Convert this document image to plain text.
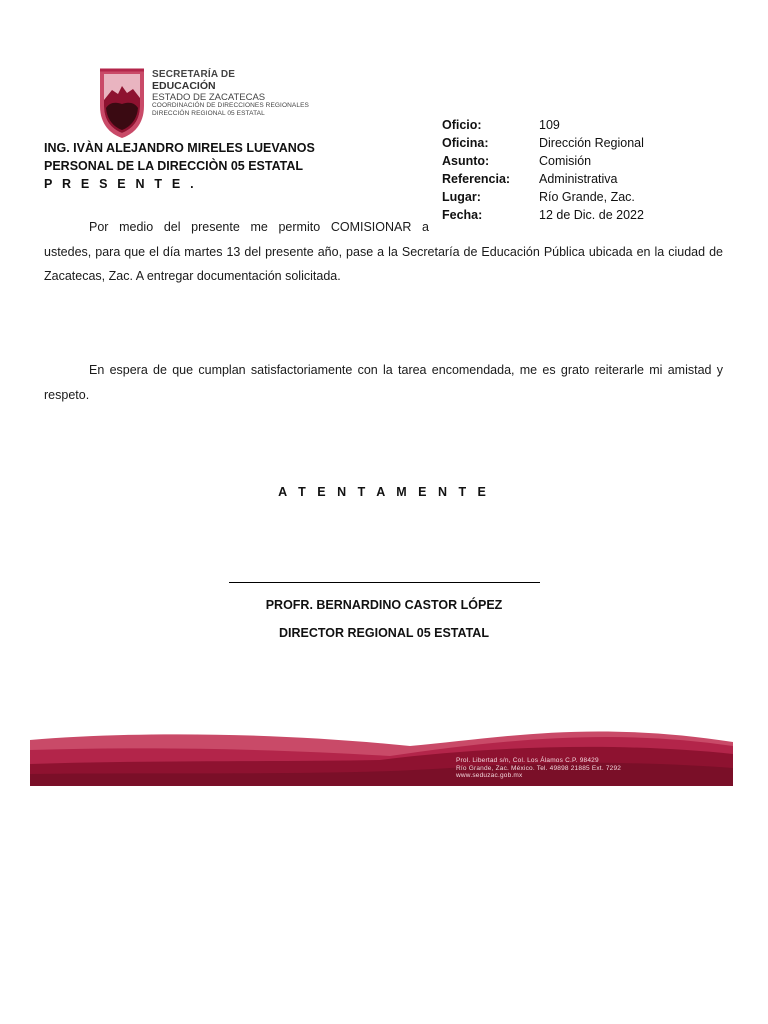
SECRETARÍA DE
EDUCACIÓN
ESTADO DE ZACATECAS
COORDINACIÓN DE DIRECCIONES REGIONALES
DIRECCIÓN REGIONAL 05 ESTATAL
ING. IVÀN ALEJANDRO MIRELES LUEVANOS
PERSONAL DE LA DIRECCIÒN 05 ESTATAL
P R E S E N T E .
Oficio:	109
Oficina:	Dirección Regional
Asunto:	Comisión
Referencia:	Administrativa
Lugar:	Río Grande, Zac.
Fecha:	12 de Dic. de 2022
Por medio del presente me permito COMISIONAR a
ustedes, para que el día martes 13 del presente año, pase a la Secretaría de Educación Pública ubicada en la ciudad de Zacatecas, Zac. A entregar documentación solicitada.
En espera de que cumplan satisfactoriamente con la tarea encomendada, me es grato reiterarle mi amistad y respeto.
A T E N T A M E N T E
PROFR. BERNARDINO CASTOR LÓPEZ
DIRECTOR REGIONAL 05 ESTATAL
Prol. Libertad s/n, Col. Los Álamos C.P. 98429
Río Grande, Zac. México. Tel. 49898 21885 Ext. 7292
www.seduzac.gob.mx
